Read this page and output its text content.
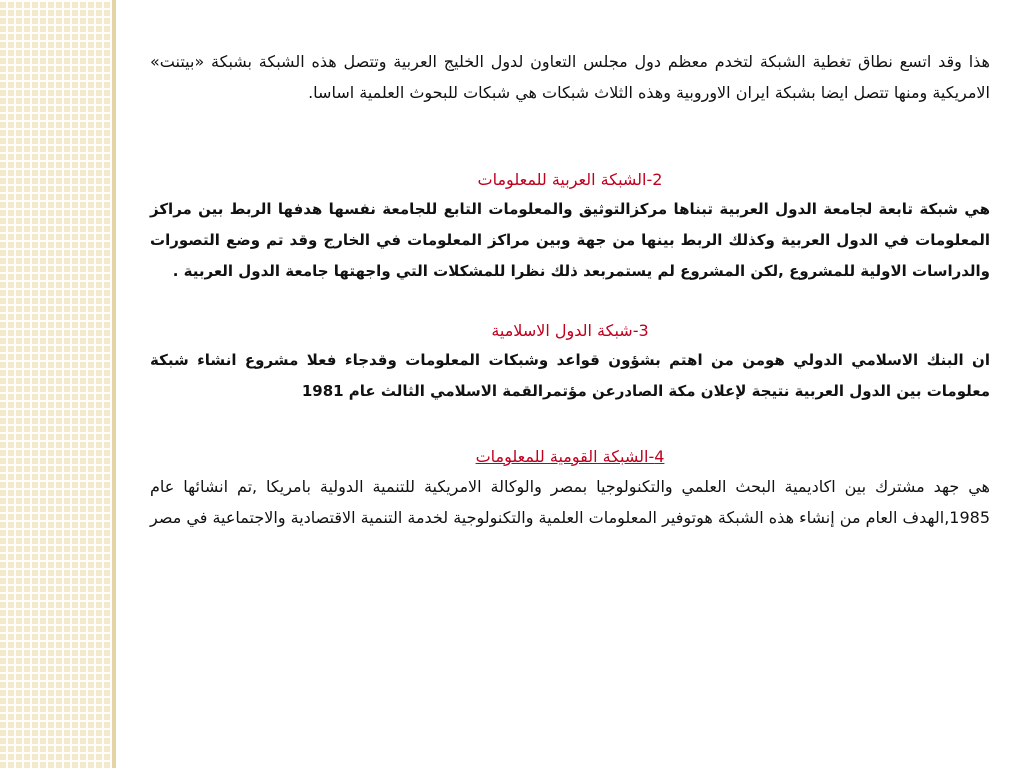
هذا وقد اتسع نطاق تغطية الشبكة لتخدم معظم دول مجلس التعاون لدول الخليج العربية وتتصل هذه الشبكة بشبكة «بيتنت» الامريكية ومنها تتصل ايضا بشبكة ايران الاوروبية وهذه الثلاث شبكات هي شبكات للبحوث العلمية اساسا.

2-الشبكة العربية للمعلومات

هي شبكة تابعة لجامعة الدول العربية تبناها مركزالتوثيق والمعلومات التابع للجامعة نفسها هدفها الربط بين مراكز المعلومات في الدول العربية وكذلك الربط بينها من جهة وبين مراكز المعلومات في الخارج وقد تم وضع التصورات والدراسات الاولية للمشروع ,لكن المشروع لم يستمربعد ذلك نظرا للمشكلات التي واجهتها جامعة الدول العربية .

3-شبكة الدول الاسلامية

ان البنك الاسلامي الدولي هومن من اهتم بشؤون قواعد وشبكات المعلومات وقدجاء فعلا مشروع انشاء شبكة معلومات بين الدول العربية نتيجة لإعلان مكة الصادرعن مؤتمرالقمة الاسلامي الثالث عام 1981

4-الشبكة القومية للمعلومات

هي جهد مشترك بين اكاديمية البحث العلمي والتكنولوجيا بمصر والوكالة الامريكية للتنمية الدولية بامريكا ,تم انشائها عام 1985,الهدف العام من إنشاء هذه الشبكة هوتوفير المعلومات العلمية والتكنولوجية لخدمة التنمية الاقتصادية والاجتماعية في مصر
